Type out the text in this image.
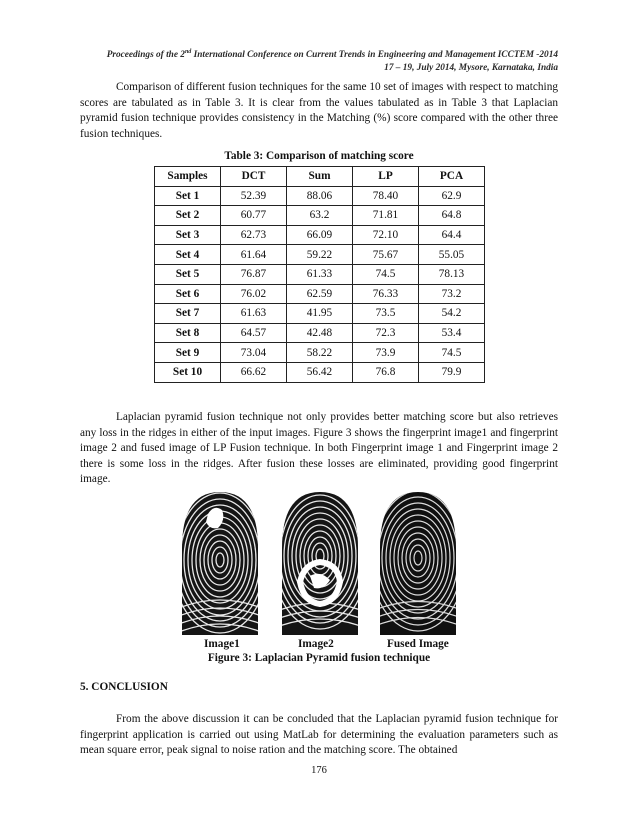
Proceedings of the 2nd International Conference on Current Trends in Engineering and Management ICCTEM -2014
17 – 19, July 2014, Mysore, Karnataka, India

Comparison of different fusion techniques for the same 10 set of images with respect to matching scores are tabulated as in Table 3. It is clear from the values tabulated as in Table 3 that Laplacian pyramid fusion technique provides consistency in the Matching (%) score compared with the other three fusion techniques.

Table 3: Comparison of matching score
Samples	DCT	Sum	LP	PCA
Set 1	52.39	88.06	78.40	62.9
Set 2	60.77	63.2	71.81	64.8
Set 3	62.73	66.09	72.10	64.4
Set 4	61.64	59.22	75.67	55.05
Set 5	76.87	61.33	74.5	78.13
Set 6	76.02	62.59	76.33	73.2
Set 7	61.63	41.95	73.5	54.2
Set 8	64.57	42.48	72.3	53.4
Set 9	73.04	58.22	73.9	74.5
Set 10	66.62	56.42	76.8	79.9

Laplacian pyramid fusion technique not only provides better matching score but also retrieves any loss in the ridges in either of the input images. Figure 3 shows the fingerprint image1 and fingerprint image 2 and fused image of LP Fusion technique. In both Fingerprint image 1 and Fingerprint image 2 there is some loss in the ridges. After fusion these losses are eliminated, providing good fingerprint image.

Image1	Image2	Fused Image
Figure 3: Laplacian Pyramid fusion technique
5. CONCLUSION

From the above discussion it can be concluded that the Laplacian pyramid fusion technique for fingerprint application is carried out using MatLab for determining the evaluation parameters such as mean square error, peak signal to noise ration and the matching score. The obtained

176
